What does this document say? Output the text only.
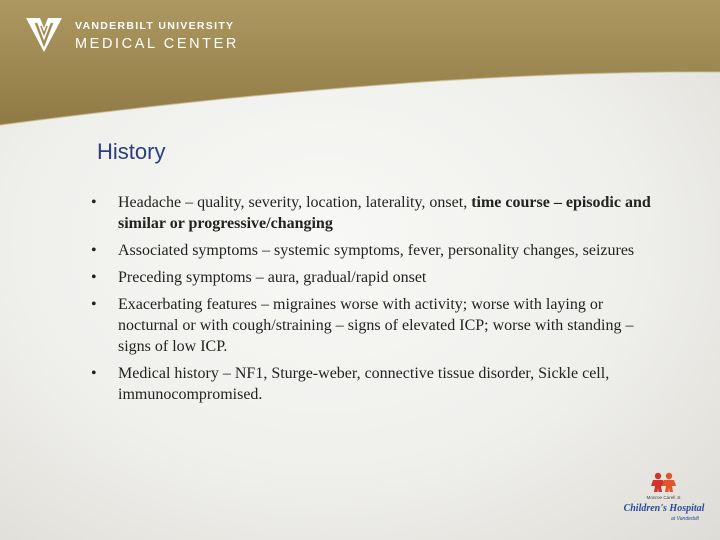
VANDERBILT UNIVERSITY
MEDICAL CENTER
History
• Headache – quality, severity, location, laterality, onset, time course – episodic and similar or progressive/changing
• Associated symptoms – systemic symptoms, fever, personality changes, seizures
• Preceding symptoms – aura, gradual/rapid onset
• Exacerbating features – migraines worse with activity; worse with laying or nocturnal or with cough/straining – signs of elevated ICP; worse with standing – signs of low ICP.
• Medical history – NF1, Sturge-weber, connective tissue disorder, Sickle cell, immunocompromised.
Monroe Carell Jr.
Children's Hospital
at Vanderbilt
